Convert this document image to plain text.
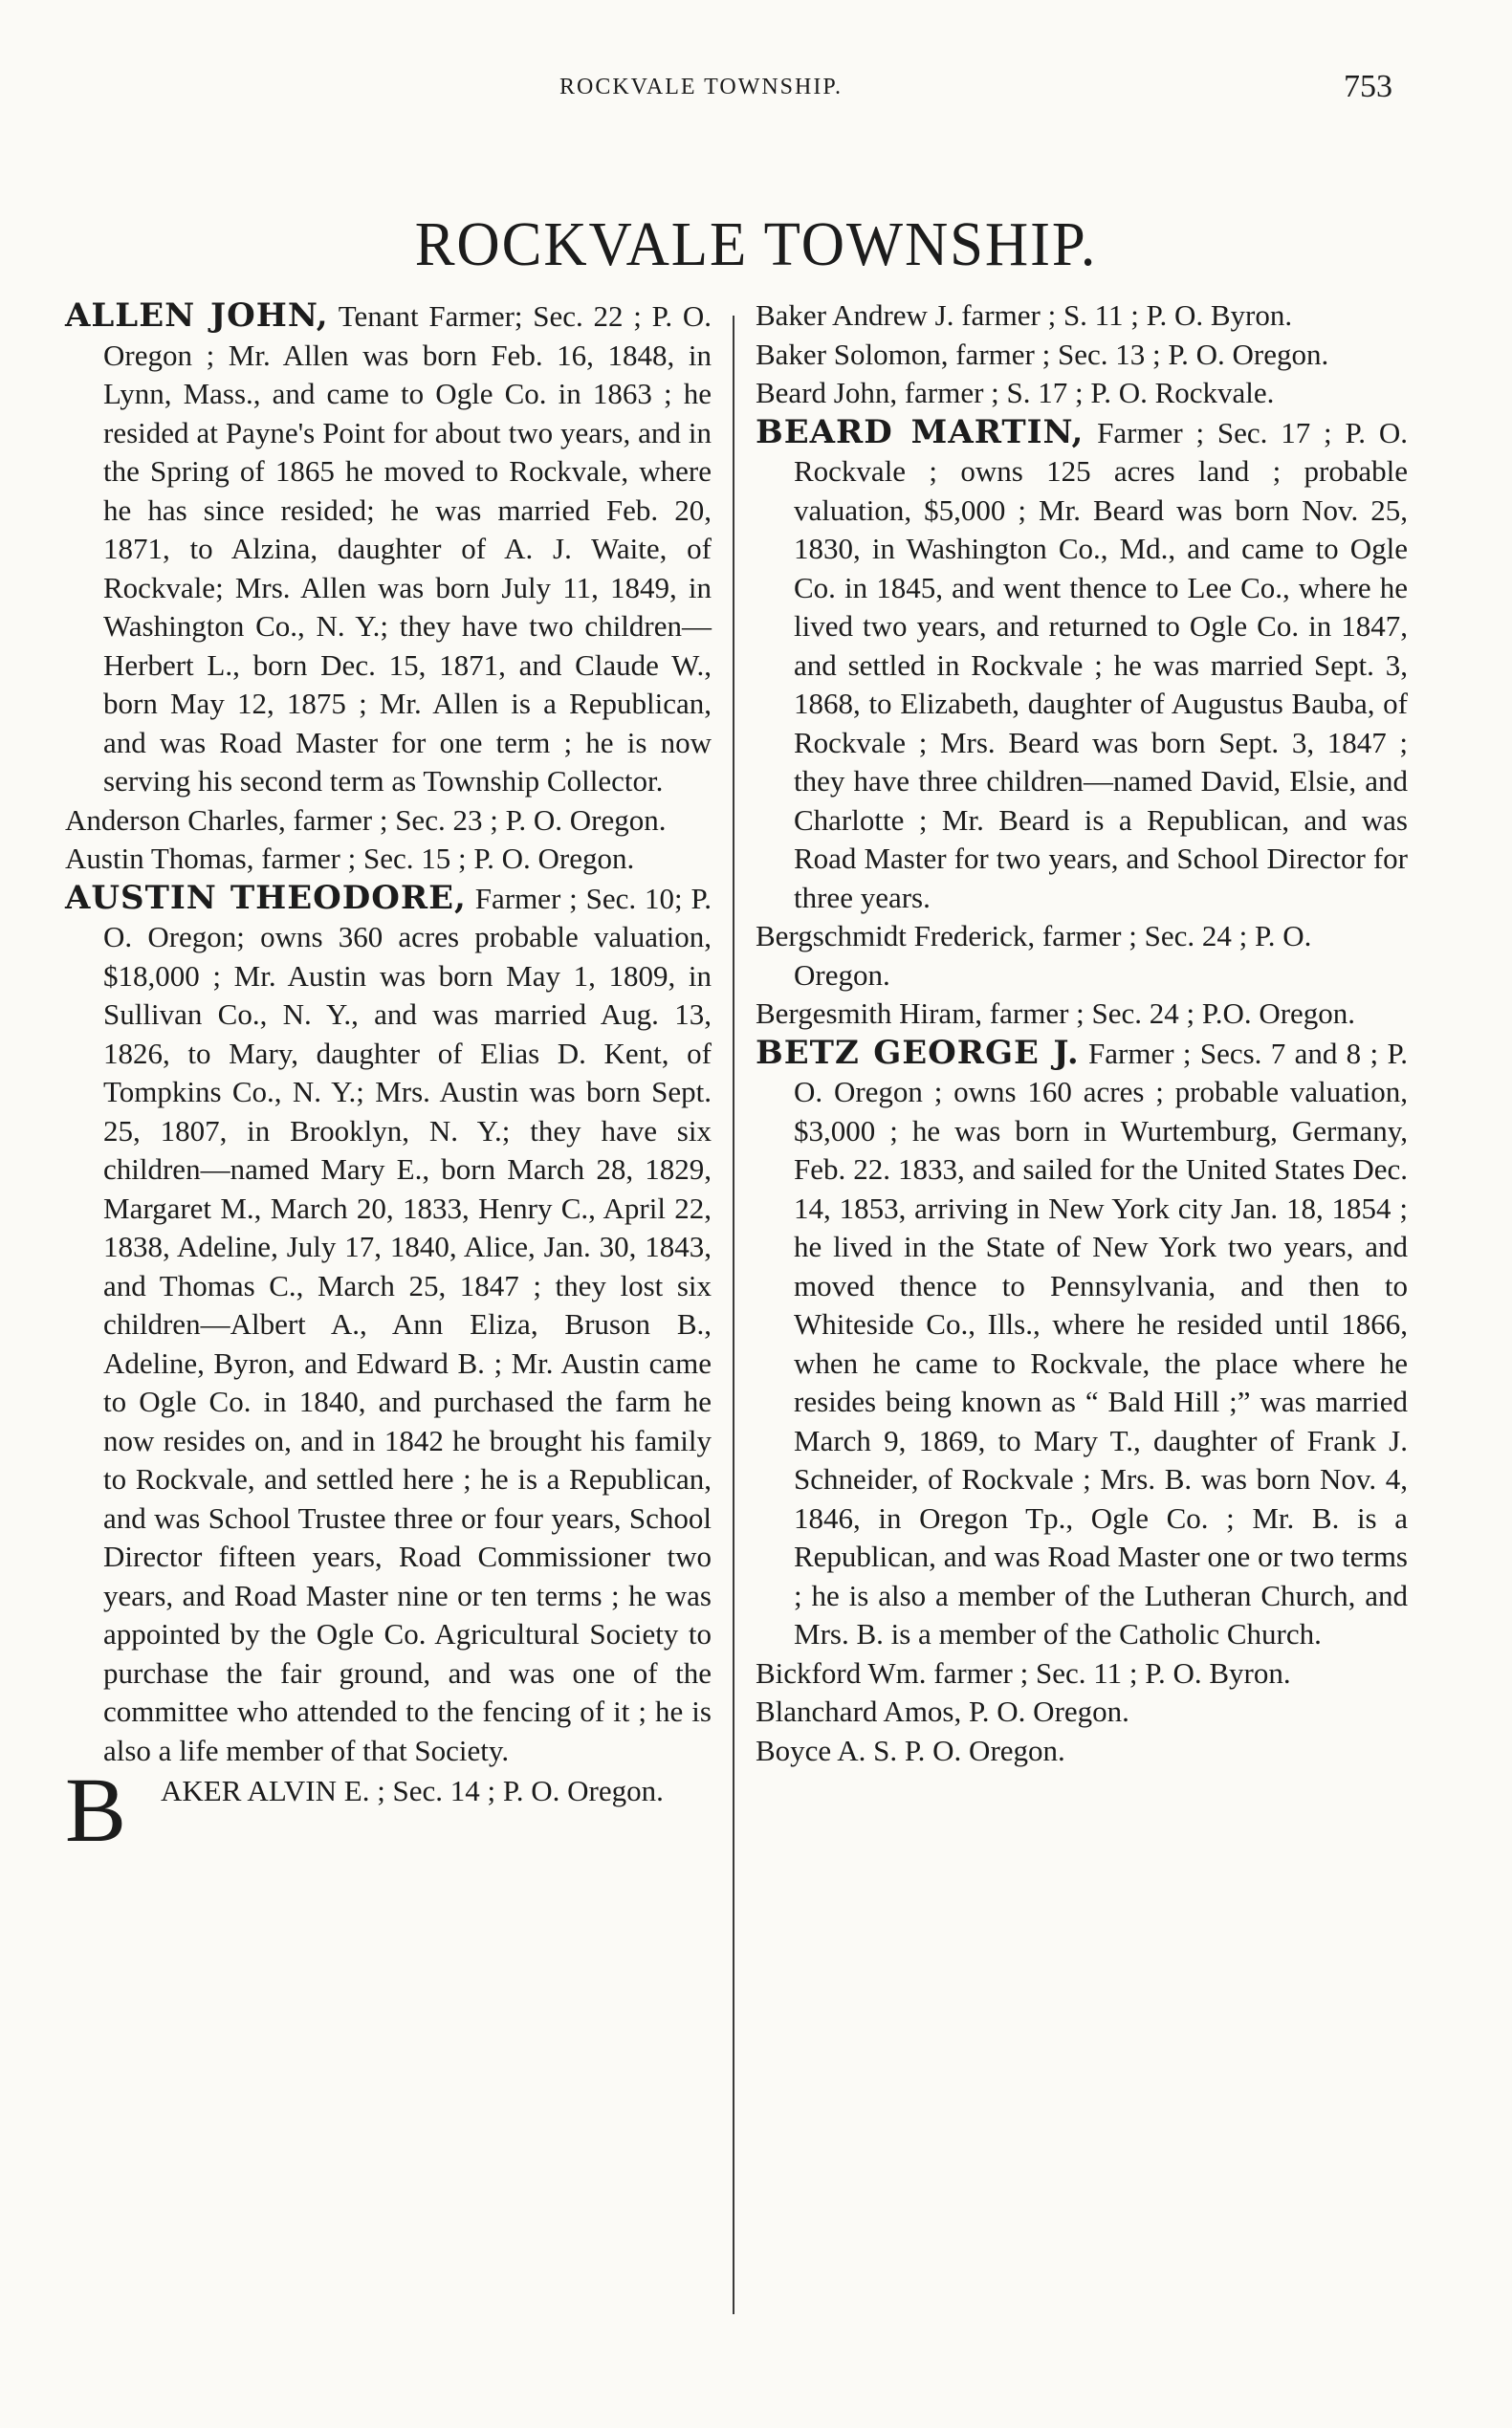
ROCKVALE TOWNSHIP.	753
ROCKVALE TOWNSHIP.

ALLEN JOHN, Tenant Farmer; Sec. 22 ; P. O. Oregon ; Mr. Allen was born Feb. 16, 1848, in Lynn, Mass., and came to Ogle Co. in 1863 ; he resided at Payne's Point for about two years, and in the Spring of 1865 he moved to Rockvale, where he has since resided; he was married Feb. 20, 1871, to Alzina, daughter of A. J. Waite, of Rockvale; Mrs. Allen was born July 11, 1849, in Washington Co., N. Y.; they have two children—Herbert L., born Dec. 15, 1871, and Claude W., born May 12, 1875 ; Mr. Allen is a Republican, and was Road Master for one term ; he is now serving his second term as Township Collector.

Anderson Charles, farmer ; Sec. 23 ; P. O. Oregon.

Austin Thomas, farmer ; Sec. 15 ; P. O. Oregon.

AUSTIN THEODORE, Farmer ; Sec. 10; P. O. Oregon; owns 360 acres probable valuation, $18,000 ; Mr. Austin was born May 1, 1809, in Sullivan Co., N. Y., and was married Aug. 13, 1826, to Mary, daughter of Elias D. Kent, of Tompkins Co., N. Y.; Mrs. Austin was born Sept. 25, 1807, in Brooklyn, N. Y.; they have six children—named Mary E., born March 28, 1829, Margaret M., March 20, 1833, Henry C., April 22, 1838, Adeline, July 17, 1840, Alice, Jan. 30, 1843, and Thomas C., March 25, 1847 ; they lost six children—Albert A., Ann Eliza, Bruson B., Adeline, Byron, and Edward B. ; Mr. Austin came to Ogle Co. in 1840, and purchased the farm he now resides on, and in 1842 he brought his family to Rockvale, and settled here ; he is a Republican, and was School Trustee three or four years, School Director fifteen years, Road Commissioner two years, and Road Master nine or ten terms ; he was appointed by the Ogle Co. Agricultural Society to purchase the fair ground, and was one of the committee who attended to the fencing of it ; he is also a life member of that Society.

B AKER ALVIN E. ; Sec. 14 ; P. O. Oregon.

Baker Andrew J. farmer ; S. 11 ; P. O. Byron.

Baker Solomon, farmer ; Sec. 13 ; P. O. Oregon.

Beard John, farmer ; S. 17 ; P. O. Rockvale.

BEARD MARTIN, Farmer ; Sec. 17 ; P. O. Rockvale ; owns 125 acres land ; probable valuation, $5,000 ; Mr. Beard was born Nov. 25, 1830, in Washington Co., Md., and came to Ogle Co. in 1845, and went thence to Lee Co., where he lived two years, and returned to Ogle Co. in 1847, and settled in Rockvale ; he was married Sept. 3, 1868, to Elizabeth, daughter of Augustus Bauba, of Rockvale ; Mrs. Beard was born Sept. 3, 1847 ; they have three children—named David, Elsie, and Charlotte ; Mr. Beard is a Republican, and was Road Master for two years, and School Director for three years.

Bergschmidt Frederick, farmer ; Sec. 24 ; P. O. Oregon.

Bergesmith Hiram, farmer ; Sec. 24 ; P.O. Oregon.

BETZ GEORGE J. Farmer ; Secs. 7 and 8 ; P. O. Oregon ; owns 160 acres ; probable valuation, $3,000 ; he was born in Wurtemburg, Germany, Feb. 22. 1833, and sailed for the United States Dec. 14, 1853, arriving in New York city Jan. 18, 1854 ; he lived in the State of New York two years, and moved thence to Pennsylvania, and then to Whiteside Co., Ills., where he resided until 1866, when he came to Rockvale, the place where he resides being known as “ Bald Hill ;” was married March 9, 1869, to Mary T., daughter of Frank J. Schneider, of Rockvale ; Mrs. B. was born Nov. 4, 1846, in Oregon Tp., Ogle Co. ; Mr. B. is a Republican, and was Road Master one or two terms ; he is also a member of the Lutheran Church, and Mrs. B. is a member of the Catholic Church.

Bickford Wm. farmer ; Sec. 11 ; P. O. Byron.

Blanchard Amos, P. O. Oregon.

Boyce A. S. P. O. Oregon.
